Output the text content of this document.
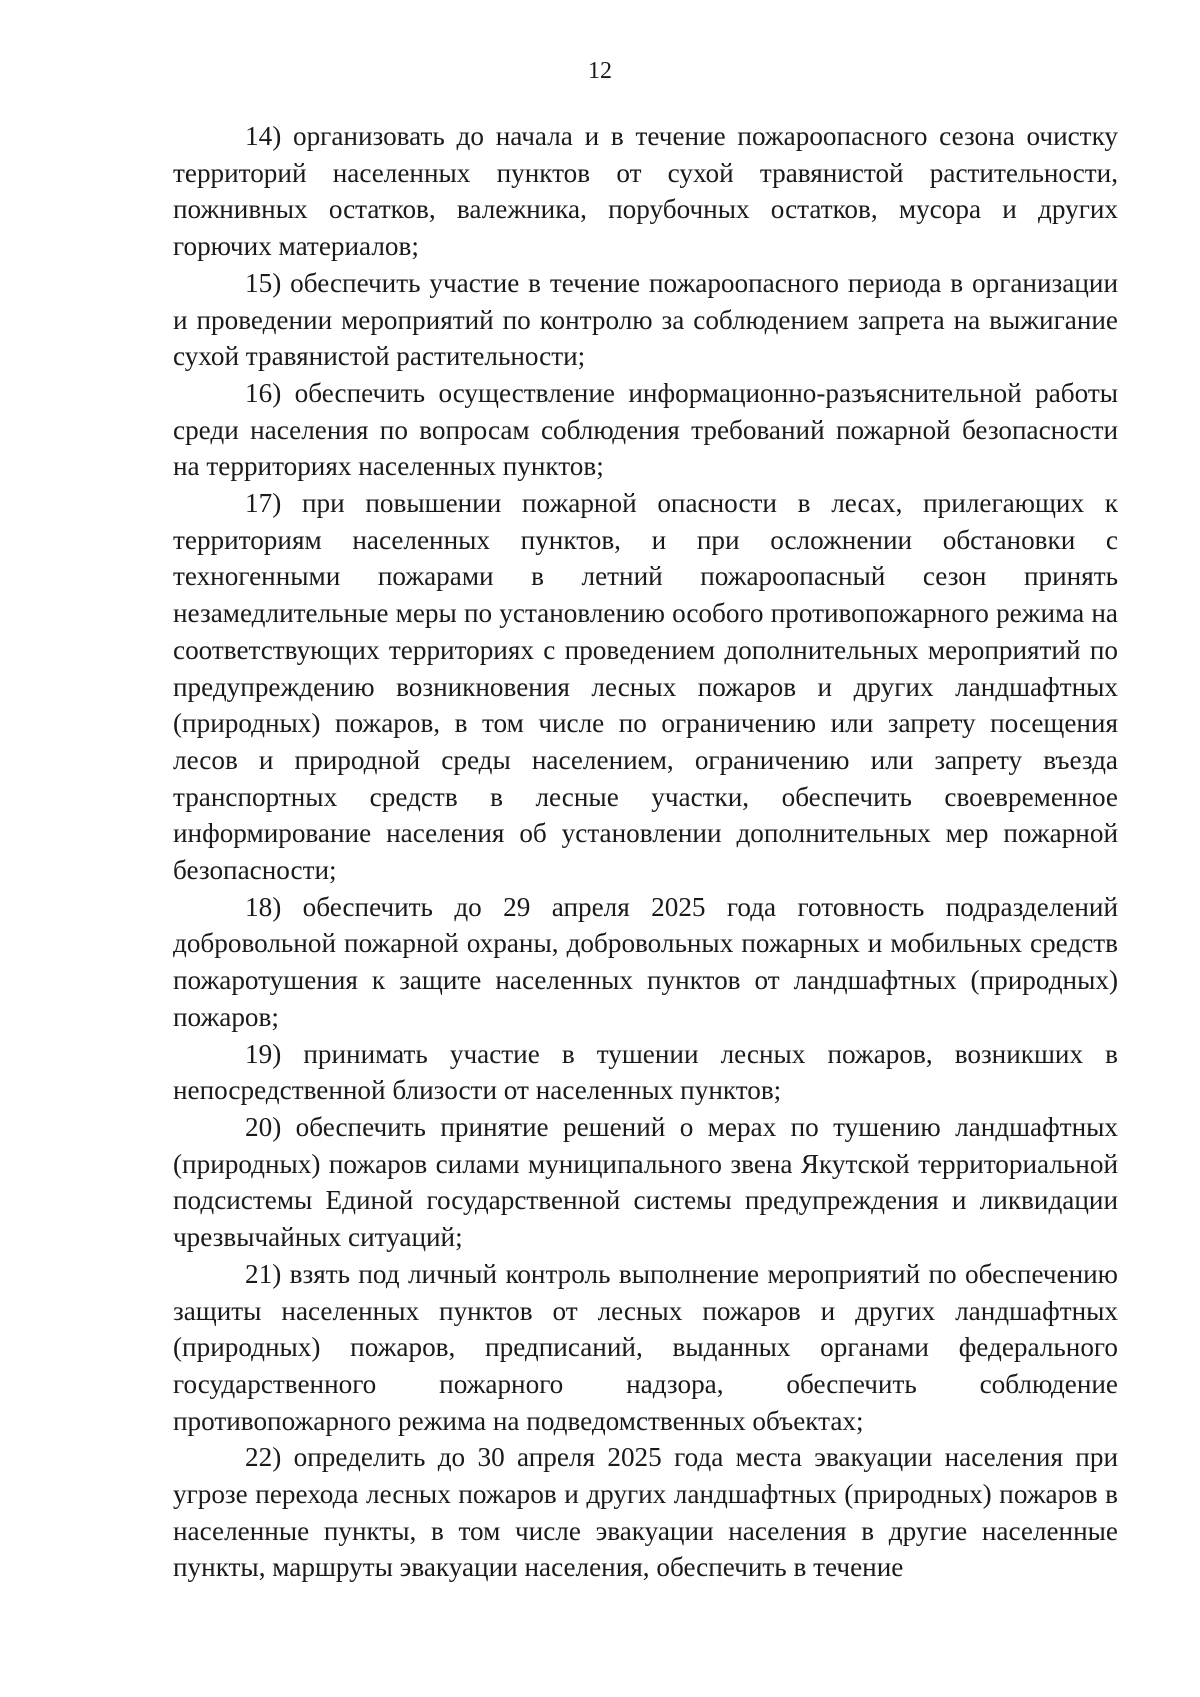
12

14) организовать до начала и в течение пожароопасного сезона очистку территорий населенных пунктов от сухой травянистой растительности, пожнивных остатков, валежника, порубочных остатков, мусора и других горючих материалов;

15) обеспечить участие в течение пожароопасного периода в организации и проведении мероприятий по контролю за соблюдением запрета на выжигание сухой травянистой растительности;

16) обеспечить осуществление информационно-разъяснительной работы среди населения по вопросам соблюдения требований пожарной безопасности на территориях населенных пунктов;

17) при повышении пожарной опасности в лесах, прилегающих к территориям населенных пунктов, и при осложнении обстановки с техногенными пожарами в летний пожароопасный сезон принять незамедлительные меры по установлению особого противопожарного режима на соответствующих территориях с проведением дополнительных мероприятий по предупреждению возникновения лесных пожаров и других ландшафтных (природных) пожаров, в том числе по ограничению или запрету посещения лесов и природной среды населением, ограничению или запрету въезда транспортных средств в лесные участки, обеспечить своевременное информирование населения об установлении дополнительных мер пожарной безопасности;

18) обеспечить до 29 апреля 2025 года готовность подразделений добровольной пожарной охраны, добровольных пожарных и мобильных средств пожаротушения к защите населенных пунктов от ландшафтных (природных) пожаров;

19) принимать участие в тушении лесных пожаров, возникших в непосредственной близости от населенных пунктов;

20) обеспечить принятие решений о мерах по тушению ландшафтных (природных) пожаров силами муниципального звена Якутской территориальной подсистемы Единой государственной системы предупреждения и ликвидации чрезвычайных ситуаций;

21) взять под личный контроль выполнение мероприятий по обеспечению защиты населенных пунктов от лесных пожаров и других ландшафтных (природных) пожаров, предписаний, выданных органами федерального государственного пожарного надзора, обеспечить соблюдение противопожарного режима на подведомственных объектах;

22) определить до 30 апреля 2025 года места эвакуации населения при угрозе перехода лесных пожаров и других ландшафтных (природных) пожаров в населенные пункты, в том числе эвакуации населения в другие населенные пункты, маршруты эвакуации населения, обеспечить в течение
